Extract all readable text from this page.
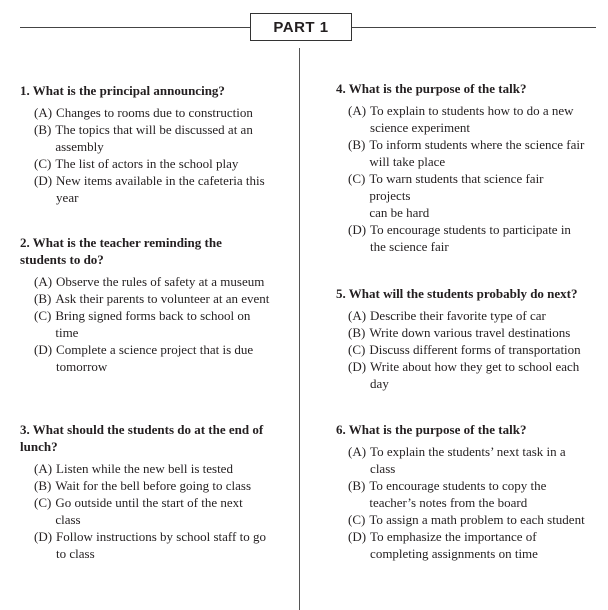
PART 1
1. What is the principal announcing?
(A) Changes to rooms due to construction
(B) The topics that will be discussed at an assembly
(C) The list of actors in the school play
(D) New items available in the cafeteria this year
2. What is the teacher reminding the students to do?
(A) Observe the rules of safety at a museum
(B) Ask their parents to volunteer at an event
(C) Bring signed forms back to school on time
(D) Complete a science project that is due tomorrow
3. What should the students do at the end of lunch?
(A) Listen while the new bell is tested
(B) Wait for the bell before going to class
(C) Go outside until the start of the next class
(D) Follow instructions by school staff to go to class
4. What is the purpose of the talk?
(A) To explain to students how to do a new science experiment
(B) To inform students where the science fair will take place
(C) To warn students that science fair projects
can be hard
(D) To encourage students to participate in the science fair
5. What will the students probably do next?
(A) Describe their favorite type of car
(B) Write down various travel destinations
(C) Discuss different forms of transportation
(D) Write about how they get to school each day
6. What is the purpose of the talk?
(A) To explain the students’ next task in a class
(B) To encourage students to copy the teacher’s notes from the board
(C) To assign a math problem to each student
(D) To emphasize the importance of completing assignments on time
